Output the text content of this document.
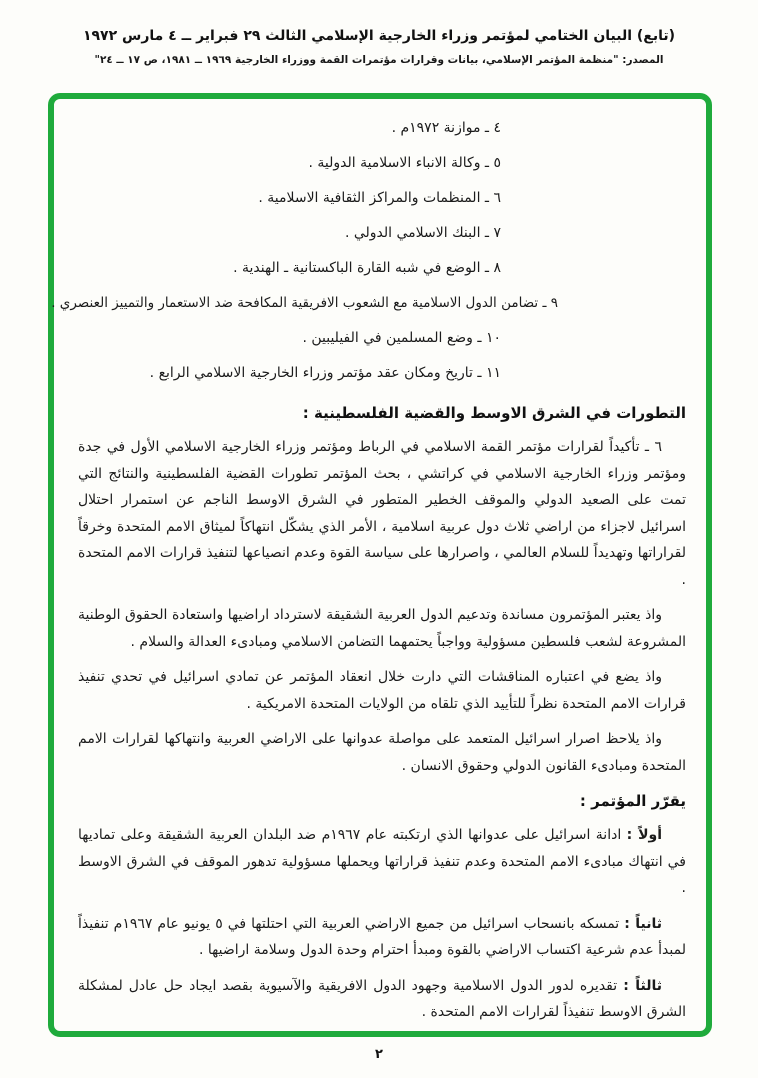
(تابع) البيان الختامي لمؤتمر وزراء الخارجية الإسلامي الثالث ٢٩ فبراير ــ ٤ مارس ١٩٧٢
المصدر: "منظمة المؤتمر الإسلامي، بيانات وقرارات مؤتمرات القمة ووزراء الخارجية ١٩٦٩ ــ ١٩٨١، ص ١٧ ــ ٢٤"
٤ ـ موازنة ١٩٧٢م .
٥ ـ وكالة الانباء الاسلامية الدولية .
٦ ـ المنظمات والمراكز الثقافية الاسلامية .
٧ ـ البنك الاسلامي الدولي .
٨ ـ الوضع في شبه القارة الباكستانية ـ الهندية .
٩ ـ تضامن الدول الاسلامية مع الشعوب الافريقية المكافحة ضد الاستعمار والتمييز العنصري .
١٠ ـ وضع المسلمين في الفيليبين .
١١ ـ تاريخ ومكان عقد مؤتمر وزراء الخارجية الاسلامي الرابع .
التطورات في الشرق الاوسط والقضية الفلسطينية :

٦ ـ تأكيداً لقرارات مؤتمر القمة الاسلامي في الرباط ومؤتمر وزراء الخارجية الاسلامي الأول في جدة ومؤتمر وزراء الخارجية الاسلامي في كراتشي ، بحث المؤتمر تطورات القضية الفلسطينية والنتائج التي تمت على الصعيد الدولي والموقف الخطير المتطور في الشرق الاوسط الناجم عن استمرار احتلال اسرائيل لاجزاء من اراضي ثلاث دول عربية اسلامية ، الأمر الذي يشكّل انتهاكاً لميثاق الامم المتحدة وخرقاً لقراراتها وتهديداً للسلام العالمي ، واصرارها على سياسة القوة وعدم انصياعها لتنفيذ قرارات الامم المتحدة .

واذ يعتبر المؤتمرون مساندة وتدعيم الدول العربية الشقيقة لاسترداد اراضيها واستعادة الحقوق الوطنية المشروعة لشعب فلسطين مسؤولية وواجباً يحتمهما التضامن الاسلامي ومبادىء العدالة والسلام .

واذ يضع في اعتباره المناقشات التي دارت خلال انعقاد المؤتمر عن تمادي اسرائيل في تحدي تنفيذ قرارات الامم المتحدة نظراً للتأييد الذي تلقاه من الولايات المتحدة الامريكية .

واذ يلاحظ اصرار اسرائيل المتعمد على مواصلة عدوانها على الاراضي العربية وانتهاكها لقرارات الامم المتحدة ومبادىء القانون الدولي وحقوق الانسان .

يقرّر المؤتمر :

أولاً : ادانة اسرائيل على عدوانها الذي ارتكبته عام ١٩٦٧م ضد البلدان العربية الشقيقة وعلى تماديها في انتهاك مبادىء الامم المتحدة وعدم تنفيذ قراراتها ويحملها مسؤولية تدهور الموقف في الشرق الاوسط .

ثانياً : تمسكه بانسحاب اسرائيل من جميع الاراضي العربية التي احتلتها في ٥ يونيو عام ١٩٦٧م تنفيذاً لمبدأ عدم شرعية اكتساب الاراضي بالقوة ومبدأ احترام وحدة الدول وسلامة اراضيها .

ثالثاً : تقديره لدور الدول الاسلامية وجهود الدول الافريقية والآسيوية بقصد ايجاد حل عادل لمشكلة الشرق الاوسط تنفيذاً لقرارات الامم المتحدة .

٢
